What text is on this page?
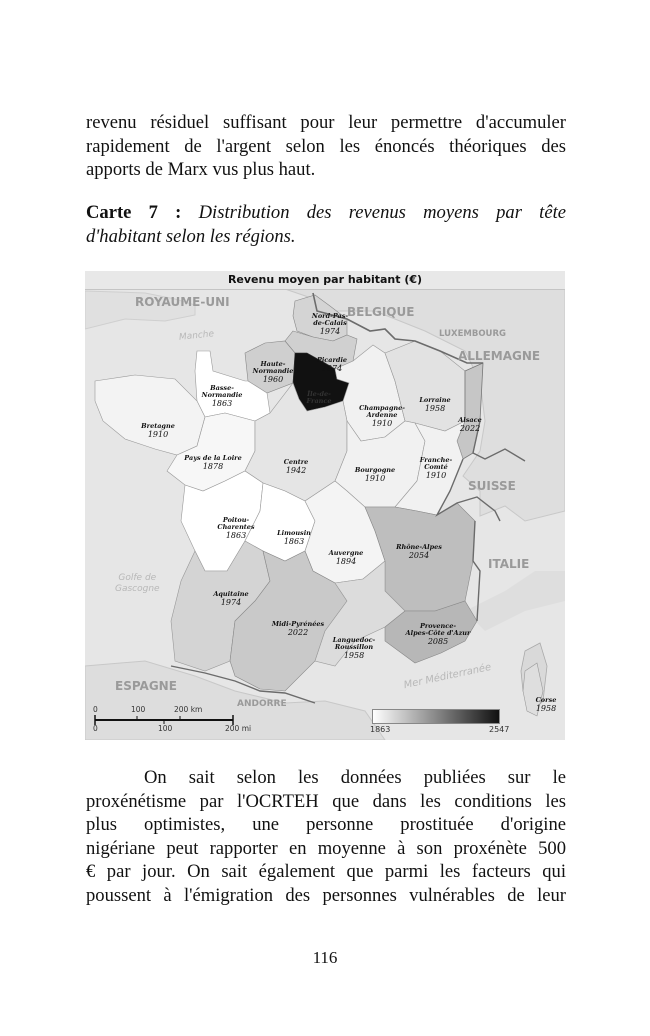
revenu résiduel suffisant pour leur permettre d'accumuler
rapidement de l'argent selon les énoncés théoriques des
apports de Marx vus plus haut.
Carte 7 : Distribution des revenus moyens par tête
d'habitant selon les régions.
Revenu moyen par habitant (€)
ROYAUME-UNI
BELGIQUE
LUXEMBOURG
ALLEMAGNE
SUISSE
ITALIE
ESPAGNE
ANDORRE
Manche
Golfe de
Gascogne
Mer Méditerranée
Nord-Pas-
de-Calais
1974
Picardie
1974
Haute-
Normandie
1960
Basse-
Normandie
1863
Île-de-
France
Champagne-
Ardenne
1910
Lorraine
1958
Alsace
2022
Bretagne
1910
Pays de la Loire
1878	Centre
1942	Bourgogne
1910
Franche-
Comté
1910
Poitou-
Charentes
1863	Limousin
1863
Auvergne
1894
Rhône-Alpes
2054
Aquitaine
1974
Midi-Pyrénées
2022
Languedoc-
Roussillon
1958
Provence-
Alpes-Côte d'Azur
2085
Corse
1958
0	100	200 km
0	100	200 mi	1863	2547
On sait selon les données publiées sur le
proxénétisme par l'OCRTEH que dans les conditions les
plus optimistes, une personne prostituée d'origine
nigériane peut rapporter en moyenne à son proxénète 500
€ par jour. On sait également que parmi les facteurs qui
poussent à l'émigration des personnes vulnérables de leur
116
